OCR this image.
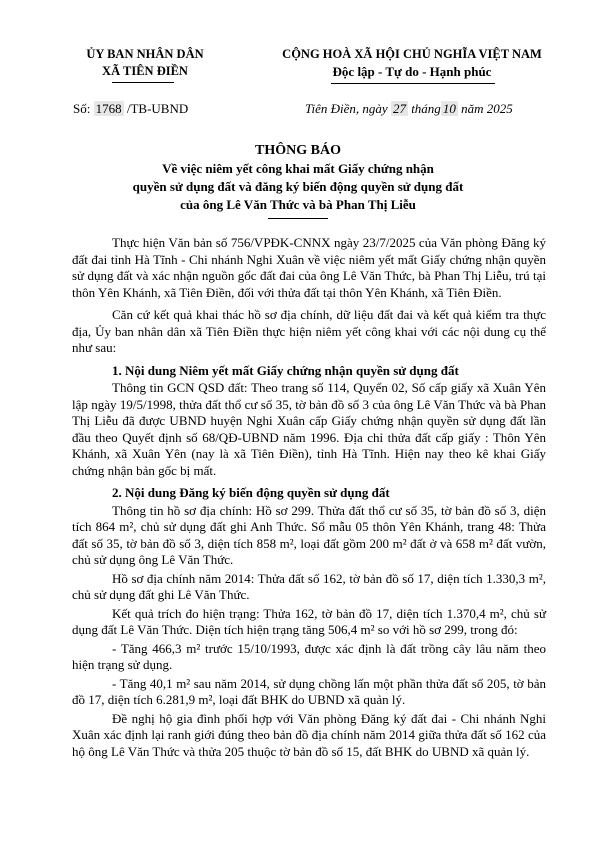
ỦY BAN NHÂN DÂN
XÃ TIÊN ĐIỀN
CỘNG HOÀ XÃ HỘI CHỦ NGHĨA VIỆT NAM
Độc lập - Tự do - Hạnh phúc
Số: 1768 /TB-UBND	Tiên Điền, ngày 27 tháng 10 năm 2025
THÔNG BÁO
Về việc niêm yết công khai mất Giấy chứng nhận
quyền sử dụng đất và đăng ký biến động quyền sử dụng đất
của ông Lê Văn Thức và bà Phan Thị Liễu

Thực hiện Văn bản số 756/VPĐK-CNNX ngày 23/7/2025 của Văn phòng Đăng ký đất đai tỉnh Hà Tĩnh - Chi nhánh Nghi Xuân về việc niêm yết mất Giấy chứng nhận quyền sử dụng đất và xác nhận nguồn gốc đất đai của ông Lê Văn Thức, bà Phan Thị Liễu, trú tại thôn Yên Khánh, xã Tiên Điền, đối với thửa đất tại thôn Yên Khánh, xã Tiên Điền.

Căn cứ kết quả khai thác hồ sơ địa chính, dữ liệu đất đai và kết quả kiểm tra thực địa, Ủy ban nhân dân xã Tiên Điền thực hiện niêm yết công khai với các nội dung cụ thể như sau:

1. Nội dung Niêm yết mất Giấy chứng nhận quyền sử dụng đất

Thông tin GCN QSD đất: Theo trang số 114, Quyển 02, Số cấp giấy xã Xuân Yên lập ngày 19/5/1998, thửa đất thổ cư số 35, tờ bản đồ số 3 của ông Lê Văn Thức và bà Phan Thị Liễu đã được UBND huyện Nghi Xuân cấp Giấy chứng nhận quyền sử dụng đất lần đầu theo Quyết định số 68/QĐ-UBND năm 1996. Địa chỉ thửa đất cấp giấy : Thôn Yên Khánh, xã Xuân Yên (nay là xã Tiên Điền), tỉnh Hà Tĩnh. Hiện nay theo kê khai Giấy chứng nhận bản gốc bị mất.

2. Nội dung Đăng ký biến động quyền sử dụng đất

Thông tin hồ sơ địa chính: Hồ sơ 299. Thửa đất thổ cư số 35, tờ bản đồ số 3, diện tích 864 m², chủ sử dụng đất ghi Anh Thức. Sổ mẫu 05 thôn Yên Khánh, trang 48: Thửa đất số 35, tờ bản đồ số 3, diện tích 858 m², loại đất gồm 200 m² đất ở và 658 m² đất vườn, chủ sử dụng ông Lê Văn Thức.

Hồ sơ địa chính năm 2014: Thửa đất số 162, tờ bản đồ số 17, diện tích 1.330,3 m², chủ sử dụng đất ghi Lê Văn Thức.

Kết quả trích đo hiện trạng: Thửa 162, tờ bản đồ 17, diện tích 1.370,4 m², chủ sử dụng đất Lê Văn Thức. Diện tích hiện trạng tăng 506,4 m² so với hồ sơ 299, trong đó:

- Tăng 466,3 m² trước 15/10/1993, được xác định là đất trồng cây lâu năm theo hiện trạng sử dụng.

- Tăng 40,1 m² sau năm 2014, sử dụng chồng lấn một phần thửa đất số 205, tờ bản đồ 17, diện tích 6.281,9 m², loại đất BHK do UBND xã quản lý.

Đề nghị hộ gia đình phối hợp với Văn phòng Đăng ký đất đai - Chi nhánh Nghi Xuân xác định lại ranh giới đúng theo bản đồ địa chính năm 2014 giữa thửa đất số 162 của hộ ông Lê Văn Thức và thửa 205 thuộc tờ bản đồ số 15, đất BHK do UBND xã quản lý.
